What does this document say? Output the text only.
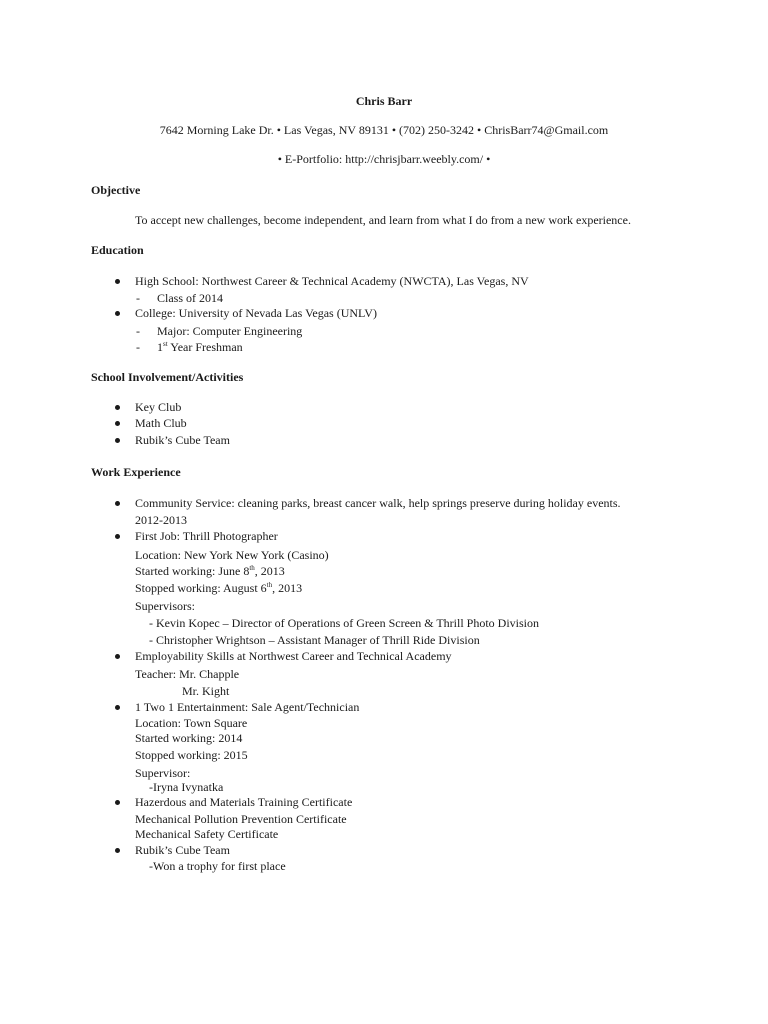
Chris Barr
7642 Morning Lake Dr. • Las Vegas, NV 89131 • (702) 250-3242 • ChrisBarr74@Gmail.com
• E-Portfolio: http://chrisjbarr.weebly.com/ •
Objective
To accept new challenges, become independent, and learn from what I do from a new work experience.
Education
High School: Northwest Career & Technical Academy (NWCTA), Las Vegas, NV
- Class of 2014
College: University of Nevada Las Vegas (UNLV)
- Major: Computer Engineering
- 1st Year Freshman
School Involvement/Activities
Key Club
Math Club
Rubik’s Cube Team
Work Experience
Community Service: cleaning parks, breast cancer walk, help springs preserve during holiday events.
2012-2013
First Job: Thrill Photographer
Location: New York New York (Casino)
Started working: June 8th, 2013
Stopped working: August 6th, 2013
Supervisors:
- Kevin Kopec – Director of Operations of Green Screen & Thrill Photo Division
- Christopher Wrightson – Assistant Manager of Thrill Ride Division
Employability Skills at Northwest Career and Technical Academy
Teacher: Mr. Chapple
Mr. Kight
1 Two 1 Entertainment: Sale Agent/Technician
Location: Town Square
Started working: 2014
Stopped working: 2015
Supervisor:
-Iryna Ivynatka
Hazerdous and Materials Training Certificate
Mechanical Pollution Prevention Certificate
Mechanical Safety Certificate
Rubik’s Cube Team
-Won a trophy for first place
